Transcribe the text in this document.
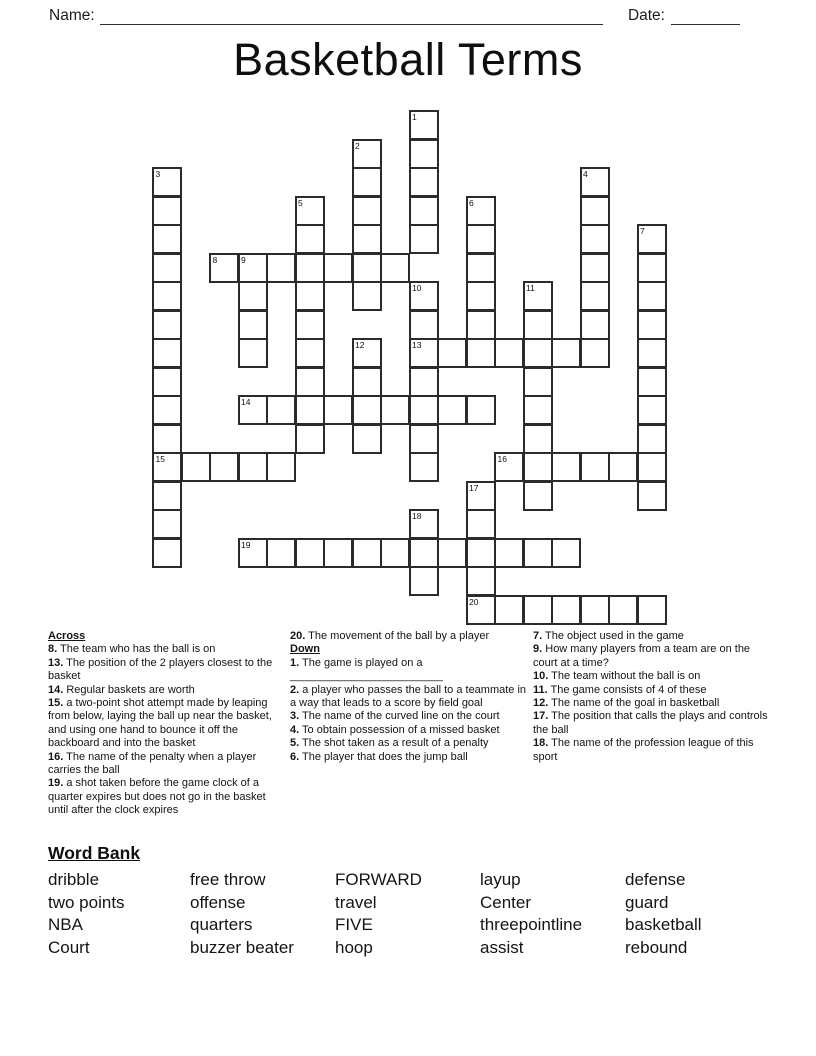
Name:	Date:
Basketball Terms
1
2
3
15
4
5	6
7
8	9
10
13
11
12
14
16
17
20
18
19
Across
8. The team who has the ball is on
13. The position of the 2 players closest to the basket
14. Regular baskets are worth
15. a two-point shot attempt made by leaping from below, laying the ball up near the basket, and using one hand to bounce it off the backboard and into the basket
16. The name of the penalty when a player carries the ball
19. a shot taken before the game clock of a quarter expires but does not go in the basket until after the clock expires
20. The movement of the ball by a player
Down
1. The game is played on a _________________________
2. a player who passes the ball to a teammate in a way that leads to a score by field goal
3. The name of the curved line on the court
4. To obtain possession of a missed basket
5. The shot taken as a result of a penalty
6. The player that does the jump ball
7. The object used in the game
9. How many players from a team are on the court at a time?
10. The team without the ball is on
11. The game consists of 4 of these
12. The name of the goal in basketball
17. The position that calls the plays and controls the ball
18. The name of the profession league of this sport
Word Bank
dribble	free throw	FORWARD	layup	defense
two points	offense	travel	Center	guard
NBA	quarters	FIVE	threepointline	basketball
Court	buzzer beater	hoop	assist	rebound
